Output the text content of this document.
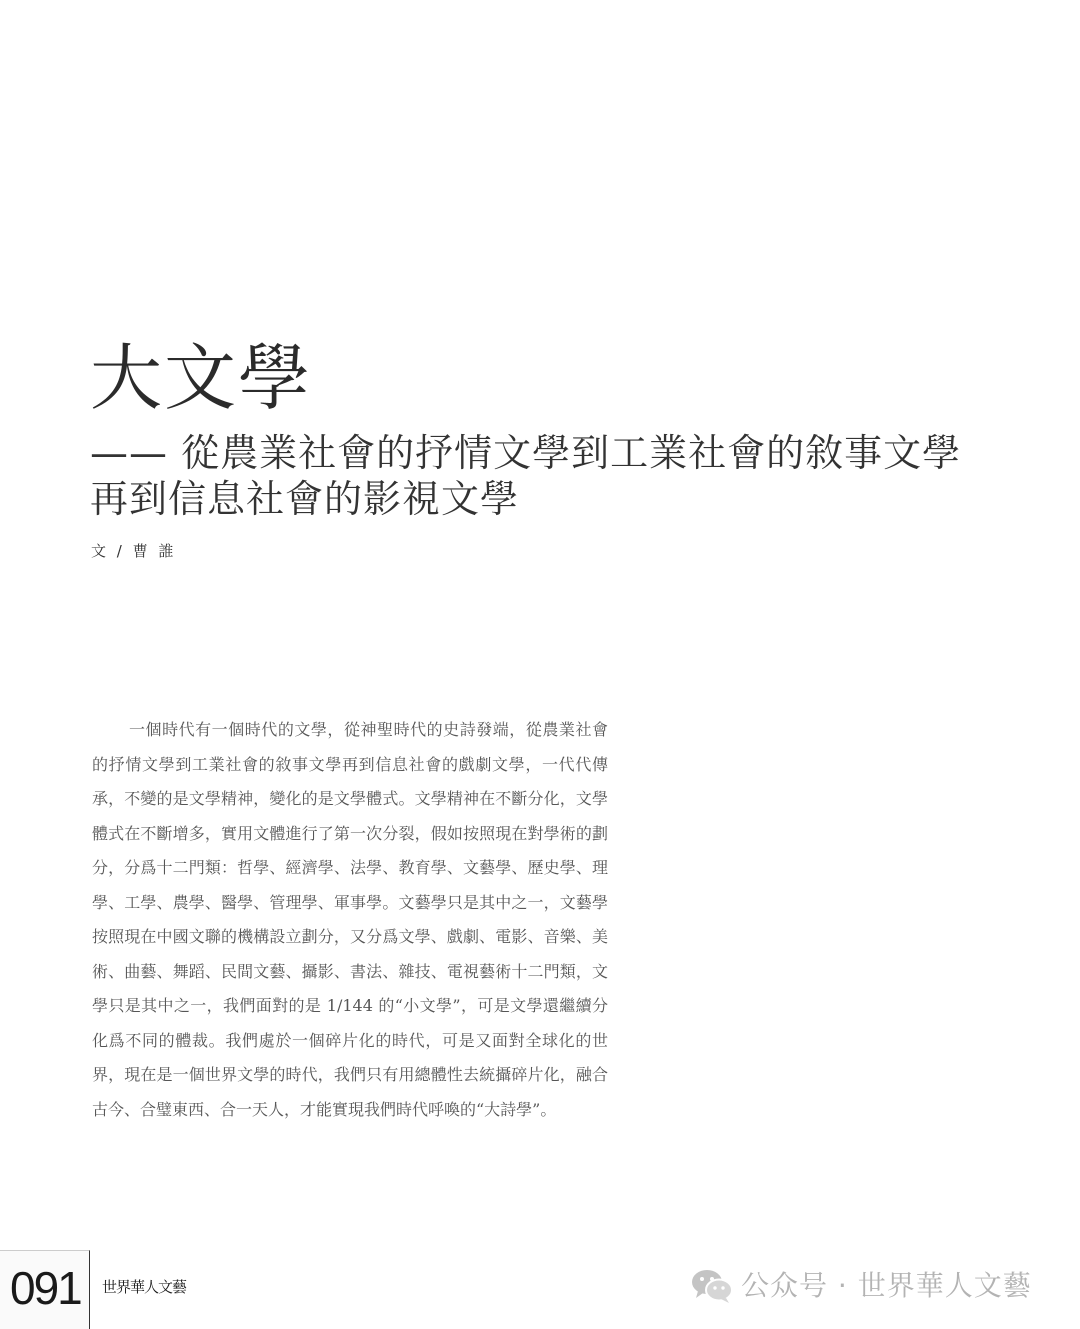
大文學
—— 從農業社會的抒情文學到工業社會的敘事文學再到信息社會的影視文學
文 / 曹 誰

一個時代有一個時代的文學，從神聖時代的史詩發端，從農業社會的抒情文學到工業社會的敘事文學再到信息社會的戲劇文學，一代代傳承，不變的是文學精神，變化的是文學體式。文學精神在不斷分化，文學體式在不斷增多，實用文體進行了第一次分裂，假如按照現在對學術的劃分，分爲十二門類：哲學、經濟學、法學、教育學、文藝學、歷史學、理學、工學、農學、醫學、管理學、軍事學。文藝學只是其中之一，文藝學按照現在中國文聯的機構設立劃分，又分爲文學、戲劇、電影、音樂、美術、曲藝、舞蹈、民間文藝、攝影、書法、雜技、電視藝術十二門類，文學只是其中之一，我們面對的是 1/144 的“小文學”，可是文學還繼續分化爲不同的體裁。我們處於一個碎片化的時代，可是又面對全球化的世界，現在是一個世界文學的時代，我們只有用總體性去統攝碎片化，融合古今、合璧東西、合一天人，才能實現我們時代呼喚的“大詩學”。

091 世界華人文藝	公众号 · 世界華人文藝
